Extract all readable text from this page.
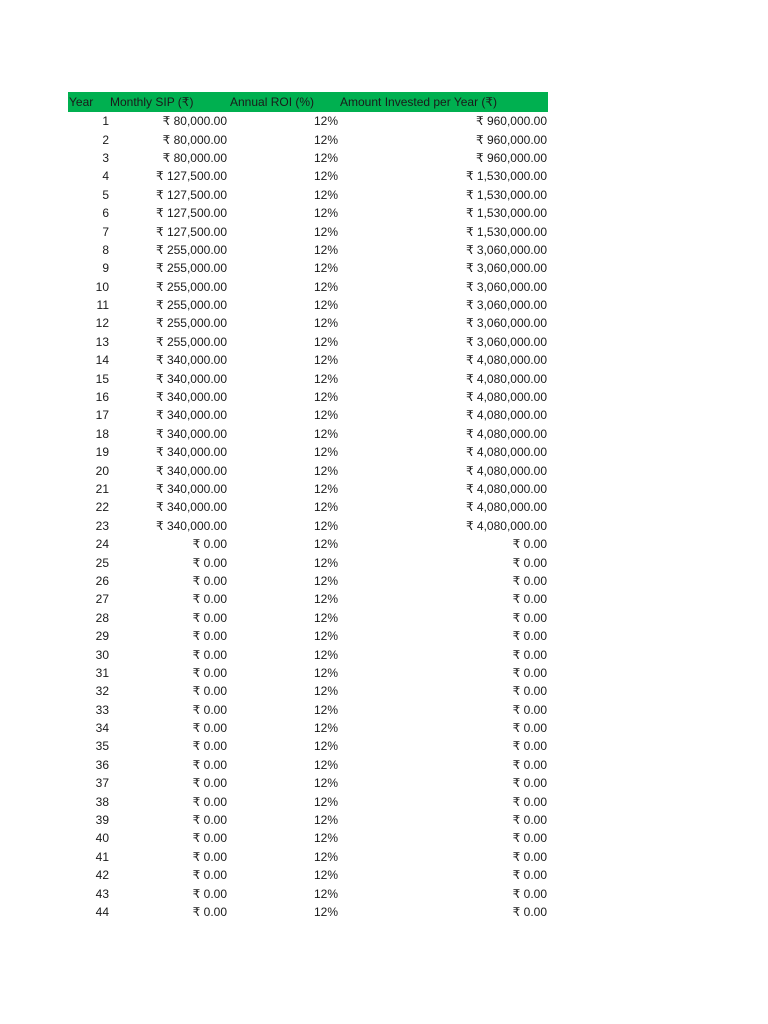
Year	Monthly SIP (₹)	Annual ROI (%)	Amount Invested per Year (₹)
1	₹ 80,000.00	12%	₹ 960,000.00
2	₹ 80,000.00	12%	₹ 960,000.00
3	₹ 80,000.00	12%	₹ 960,000.00
4	₹ 127,500.00	12%	₹ 1,530,000.00
5	₹ 127,500.00	12%	₹ 1,530,000.00
6	₹ 127,500.00	12%	₹ 1,530,000.00
7	₹ 127,500.00	12%	₹ 1,530,000.00
8	₹ 255,000.00	12%	₹ 3,060,000.00
9	₹ 255,000.00	12%	₹ 3,060,000.00
10	₹ 255,000.00	12%	₹ 3,060,000.00
11	₹ 255,000.00	12%	₹ 3,060,000.00
12	₹ 255,000.00	12%	₹ 3,060,000.00
13	₹ 255,000.00	12%	₹ 3,060,000.00
14	₹ 340,000.00	12%	₹ 4,080,000.00
15	₹ 340,000.00	12%	₹ 4,080,000.00
16	₹ 340,000.00	12%	₹ 4,080,000.00
17	₹ 340,000.00	12%	₹ 4,080,000.00
18	₹ 340,000.00	12%	₹ 4,080,000.00
19	₹ 340,000.00	12%	₹ 4,080,000.00
20	₹ 340,000.00	12%	₹ 4,080,000.00
21	₹ 340,000.00	12%	₹ 4,080,000.00
22	₹ 340,000.00	12%	₹ 4,080,000.00
23	₹ 340,000.00	12%	₹ 4,080,000.00
24	₹ 0.00	12%	₹ 0.00
25	₹ 0.00	12%	₹ 0.00
26	₹ 0.00	12%	₹ 0.00
27	₹ 0.00	12%	₹ 0.00
28	₹ 0.00	12%	₹ 0.00
29	₹ 0.00	12%	₹ 0.00
30	₹ 0.00	12%	₹ 0.00
31	₹ 0.00	12%	₹ 0.00
32	₹ 0.00	12%	₹ 0.00
33	₹ 0.00	12%	₹ 0.00
34	₹ 0.00	12%	₹ 0.00
35	₹ 0.00	12%	₹ 0.00
36	₹ 0.00	12%	₹ 0.00
37	₹ 0.00	12%	₹ 0.00
38	₹ 0.00	12%	₹ 0.00
39	₹ 0.00	12%	₹ 0.00
40	₹ 0.00	12%	₹ 0.00
41	₹ 0.00	12%	₹ 0.00
42	₹ 0.00	12%	₹ 0.00
43	₹ 0.00	12%	₹ 0.00
44	₹ 0.00	12%	₹ 0.00
